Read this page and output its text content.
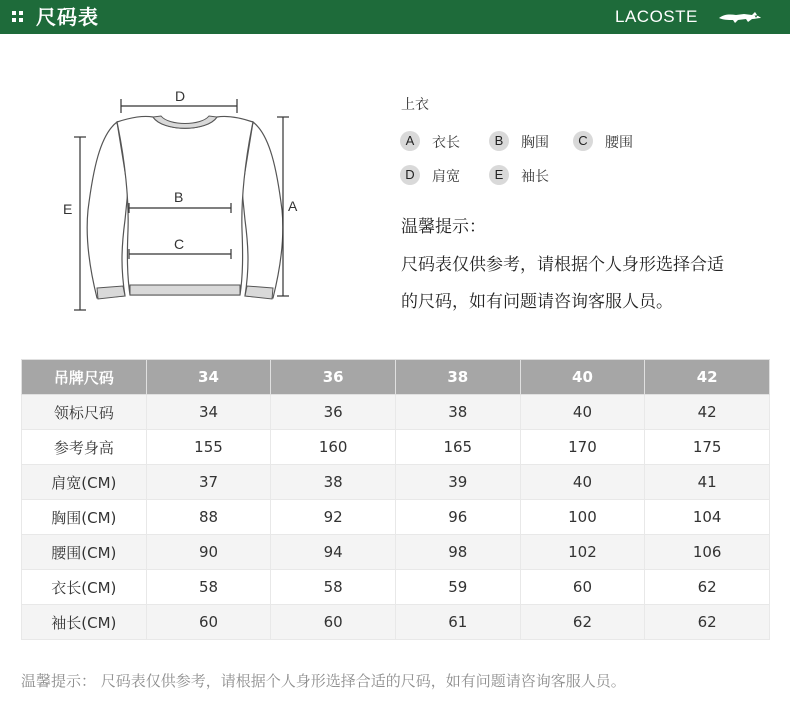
尺码表	LACOSTE
D
B
C
A
E
上衣
A	衣长	B	胸围	C	腰围
D	肩宽	E	袖长
温馨提示：
尺码表仅供参考，请根据个人身形选择合适
的尺码，如有问题请咨询客服人员。
吊牌尺码	34	36	38	40	42
领标尺码	34	36	38	40	42
参考身高	155	160	165	170	175
肩宽(CM)	37	38	39	40	41
胸围(CM)	88	92	96	100	104
腰围(CM)	90	94	98	102	106
衣长(CM)	58	58	59	60	62
袖长(CM)	60	60	61	62	62
温馨提示： 尺码表仅供参考，请根据个人身形选择合适的尺码，如有问题请咨询客服人员。
